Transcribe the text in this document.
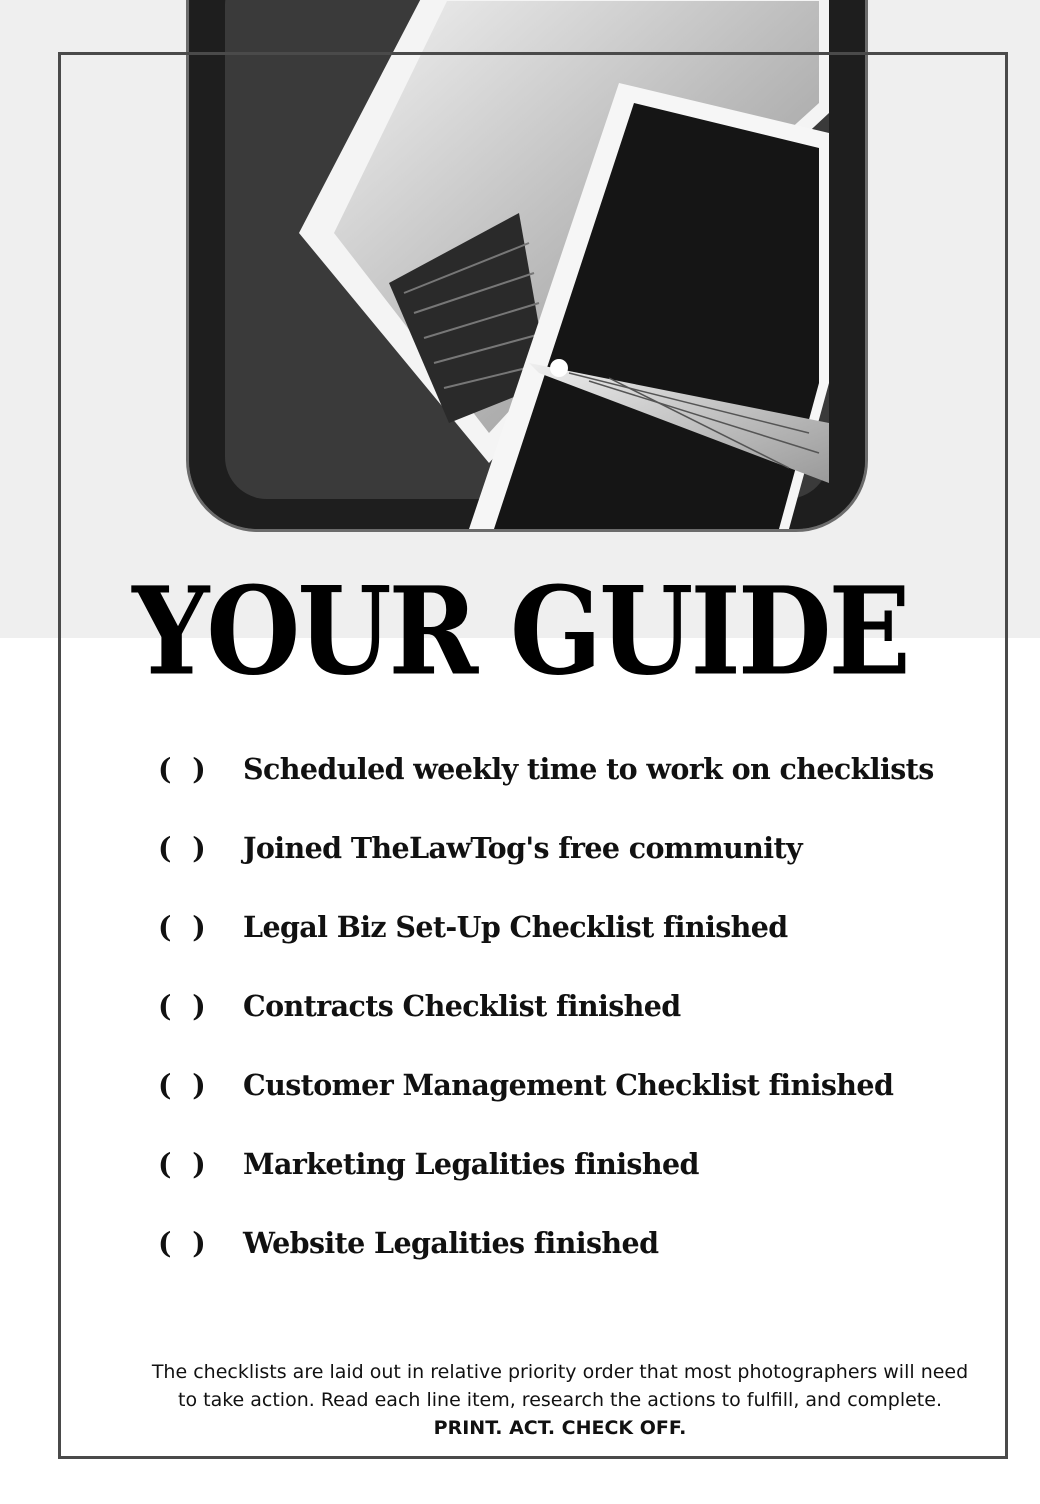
YOUR GUIDE
( )	Scheduled weekly time to work on checklists
( )	Joined TheLawTog's free community
( )	Legal Biz Set-Up Checklist finished
( )	Contracts Checklist finished
( )	Customer Management Checklist finished
( )	Marketing Legalities finished
( )	Website Legalities finished
The checklists are laid out in relative priority order that most photographers will need
to take action. Read each line item, research the actions to fulfill, and complete.
PRINT. ACT. CHECK OFF.
